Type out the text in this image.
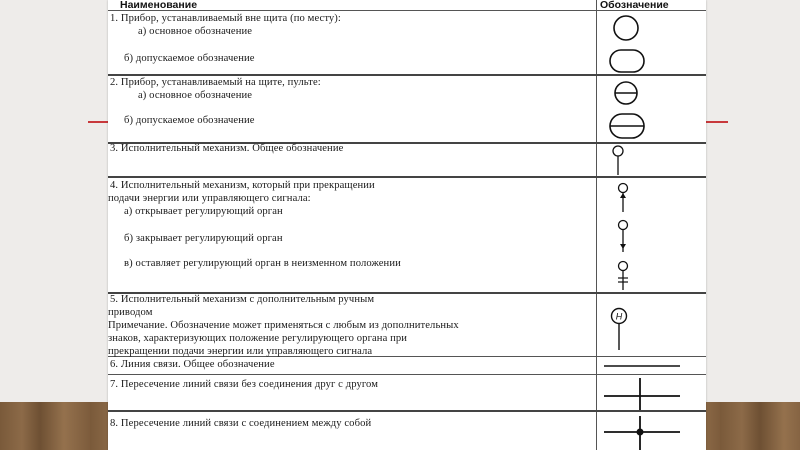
Наименование	Обозначение
1. Прибор, устанавливаемый вне щита (по месту):
а) основное обозначение
б) допускаемое обозначение
2. Прибор, устанавливаемый на щите, пульте:
а) основное обозначение
б) допускаемое обозначение
3. Исполнительный механизм. Общее обозначение
4. Исполнительный механизм, который при прекращении
подачи энергии или управляющего сигнала:
а) открывает регулирующий орган
б) закрывает регулирующий орган
в) оставляет регулирующий орган в неизменном положении
5. Исполнительный механизм с дополнительным ручным
приводом
Примечание. Обозначение может применяться с любым из дополнительных
знаков, характеризующих положение регулирующего органа при
прекращении подачи энергии или управляющего сигнала
6. Линия связи. Общее обозначение
7. Пересечение линий связи без соединения друг с другом
8. Пересечение линий связи с соединением между собой
Н
